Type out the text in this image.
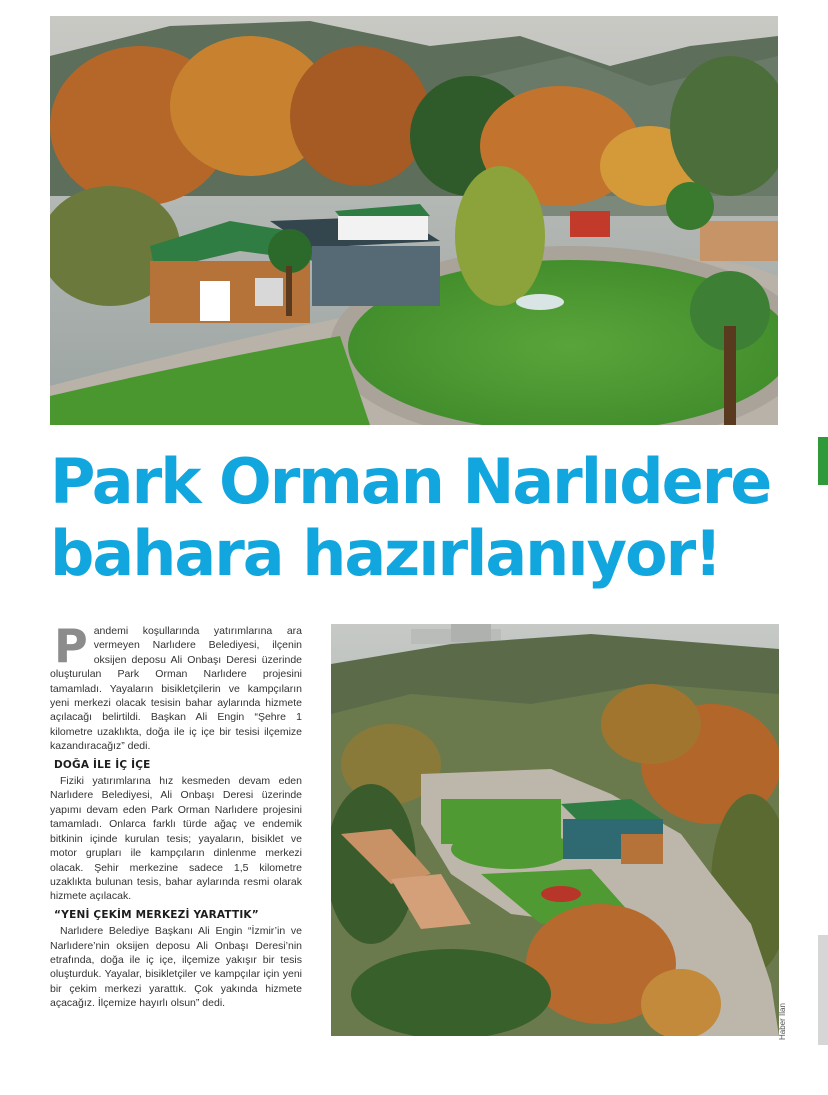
Park Orman Narlıdere
bahara hazırlanıyor!

Pandemi koşullarında yatırımlarına ara vermeyen Narlıdere Belediyesi, ilçenin oksijen deposu Ali Onbaşı Deresi üzerinde oluşturulan Park Orman Narlıdere projesini tamamladı. Yayaların bisikletçilerin ve kampçıların yeni merkezi olacak tesisin bahar aylarında hizmete açılacağı belirtildi. Başkan Ali Engin “Şehre 1 kilometre uzaklıkta, doğa ile iç içe bir tesisi ilçemize kazandıracağız” dedi.

DOĞA İLE İÇ İÇE

Fiziki yatırımlarına hız kesmeden devam eden Narlıdere Belediyesi, Ali Onbaşı Deresi üzerinde yapımı devam eden Park Orman Narlıdere projesini tamamladı. Onlarca farklı türde ağaç ve endemik bitkinin içinde kurulan tesis; yayaların, bisiklet ve motor grupları ile kampçıların dinlenme merkezi olacak. Şehir merkezine sadece 1,5 kilometre uzaklıkta bulunan tesis, bahar aylarında resmi olarak hizmete açılacak.

“YENİ ÇEKİM MERKEZİ YARATTIK”

Narlıdere Belediye Başkanı Ali Engin “İzmir’in ve Narlıdere’nin oksijen deposu Ali Onbaşı Deresi’nin etrafında, doğa ile iç içe, ilçemize yakışır bir tesis oluşturduk. Yayalar, bisikletçiler ve kampçılar için yeni bir çekim merkezi yarattık. Çok yakında hizmete açacağız. İlçemize hayırlı olsun” dedi.	Haber Ilan
